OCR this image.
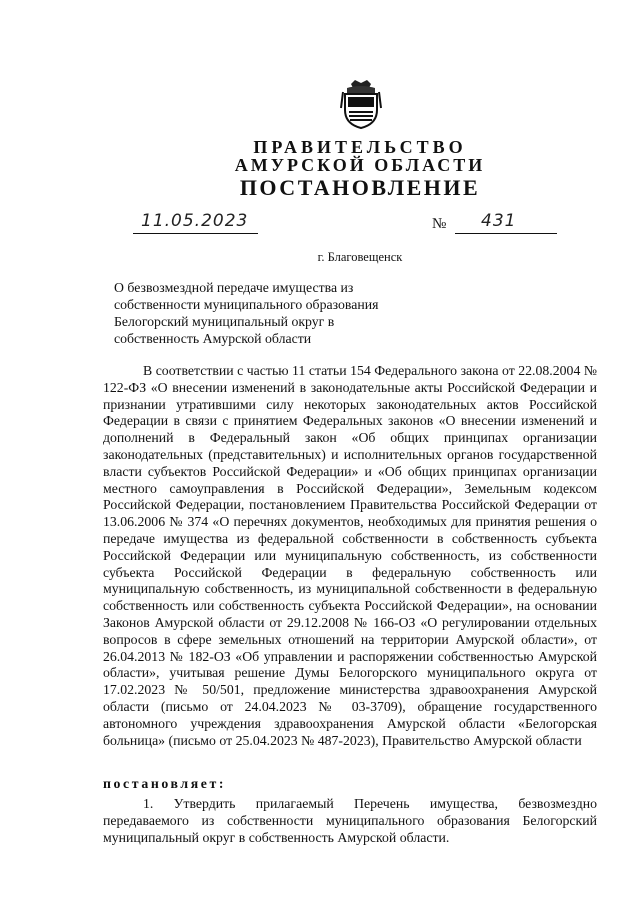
ПРАВИТЕЛЬСТВО
АМУРСКОЙ ОБЛАСТИ
ПОСТАНОВЛЕНИЕ
11.05.2023	№ 431
г. Благовещенск
О безвозмездной передаче имущества из собственности муниципального образования Белогорский муниципальный округ в собственность Амурской области
В соответствии с частью 11 статьи 154 Федерального закона от 22.08.2004 № 122-ФЗ «О внесении изменений в законодательные акты Российской Федерации и признании утратившими силу некоторых законодательных актов Российской Федерации в связи с принятием Федеральных законов «О внесении изменений и дополнений в Федеральный закон «Об общих принципах организации законодательных (представительных) и исполнительных органов государственной власти субъектов Российской Федерации» и «Об общих принципах организации местного самоуправления в Российской Федерации», Земельным кодексом Российской Федерации, постановлением Правительства Российской Федерации от 13.06.2006 № 374 «О перечнях документов, необходимых для принятия решения о передаче имущества из федеральной собственности в собственность субъекта Российской Федерации или муниципальную собственность, из собственности субъекта Российской Федерации в федеральную собственность или муниципальную собственность, из муниципальной собственности в федеральную собственность или собственность субъекта Российской Федерации», на основании Законов Амурской области от 29.12.2008 № 166-ОЗ «О регулировании отдельных вопросов в сфере земельных отношений на территории Амурской области», от 26.04.2013 № 182-ОЗ «Об управлении и распоряжении собственностью Амурской области», учитывая решение Думы Белогорского муниципального округа от 17.02.2023 № 50/501, предложение министерства здравоохранения Амурской области (письмо от 24.04.2023 № 03-3709), обращение государственного автономного учреждения здравоохранения Амурской области «Белогорская больница» (письмо от 25.04.2023 № 487-2023), Правительство Амурской области
постановляет:
1. Утвердить прилагаемый Перечень имущества, безвозмездно передаваемого из собственности муниципального образования Белогорский муниципальный округ в собственность Амурской области.
